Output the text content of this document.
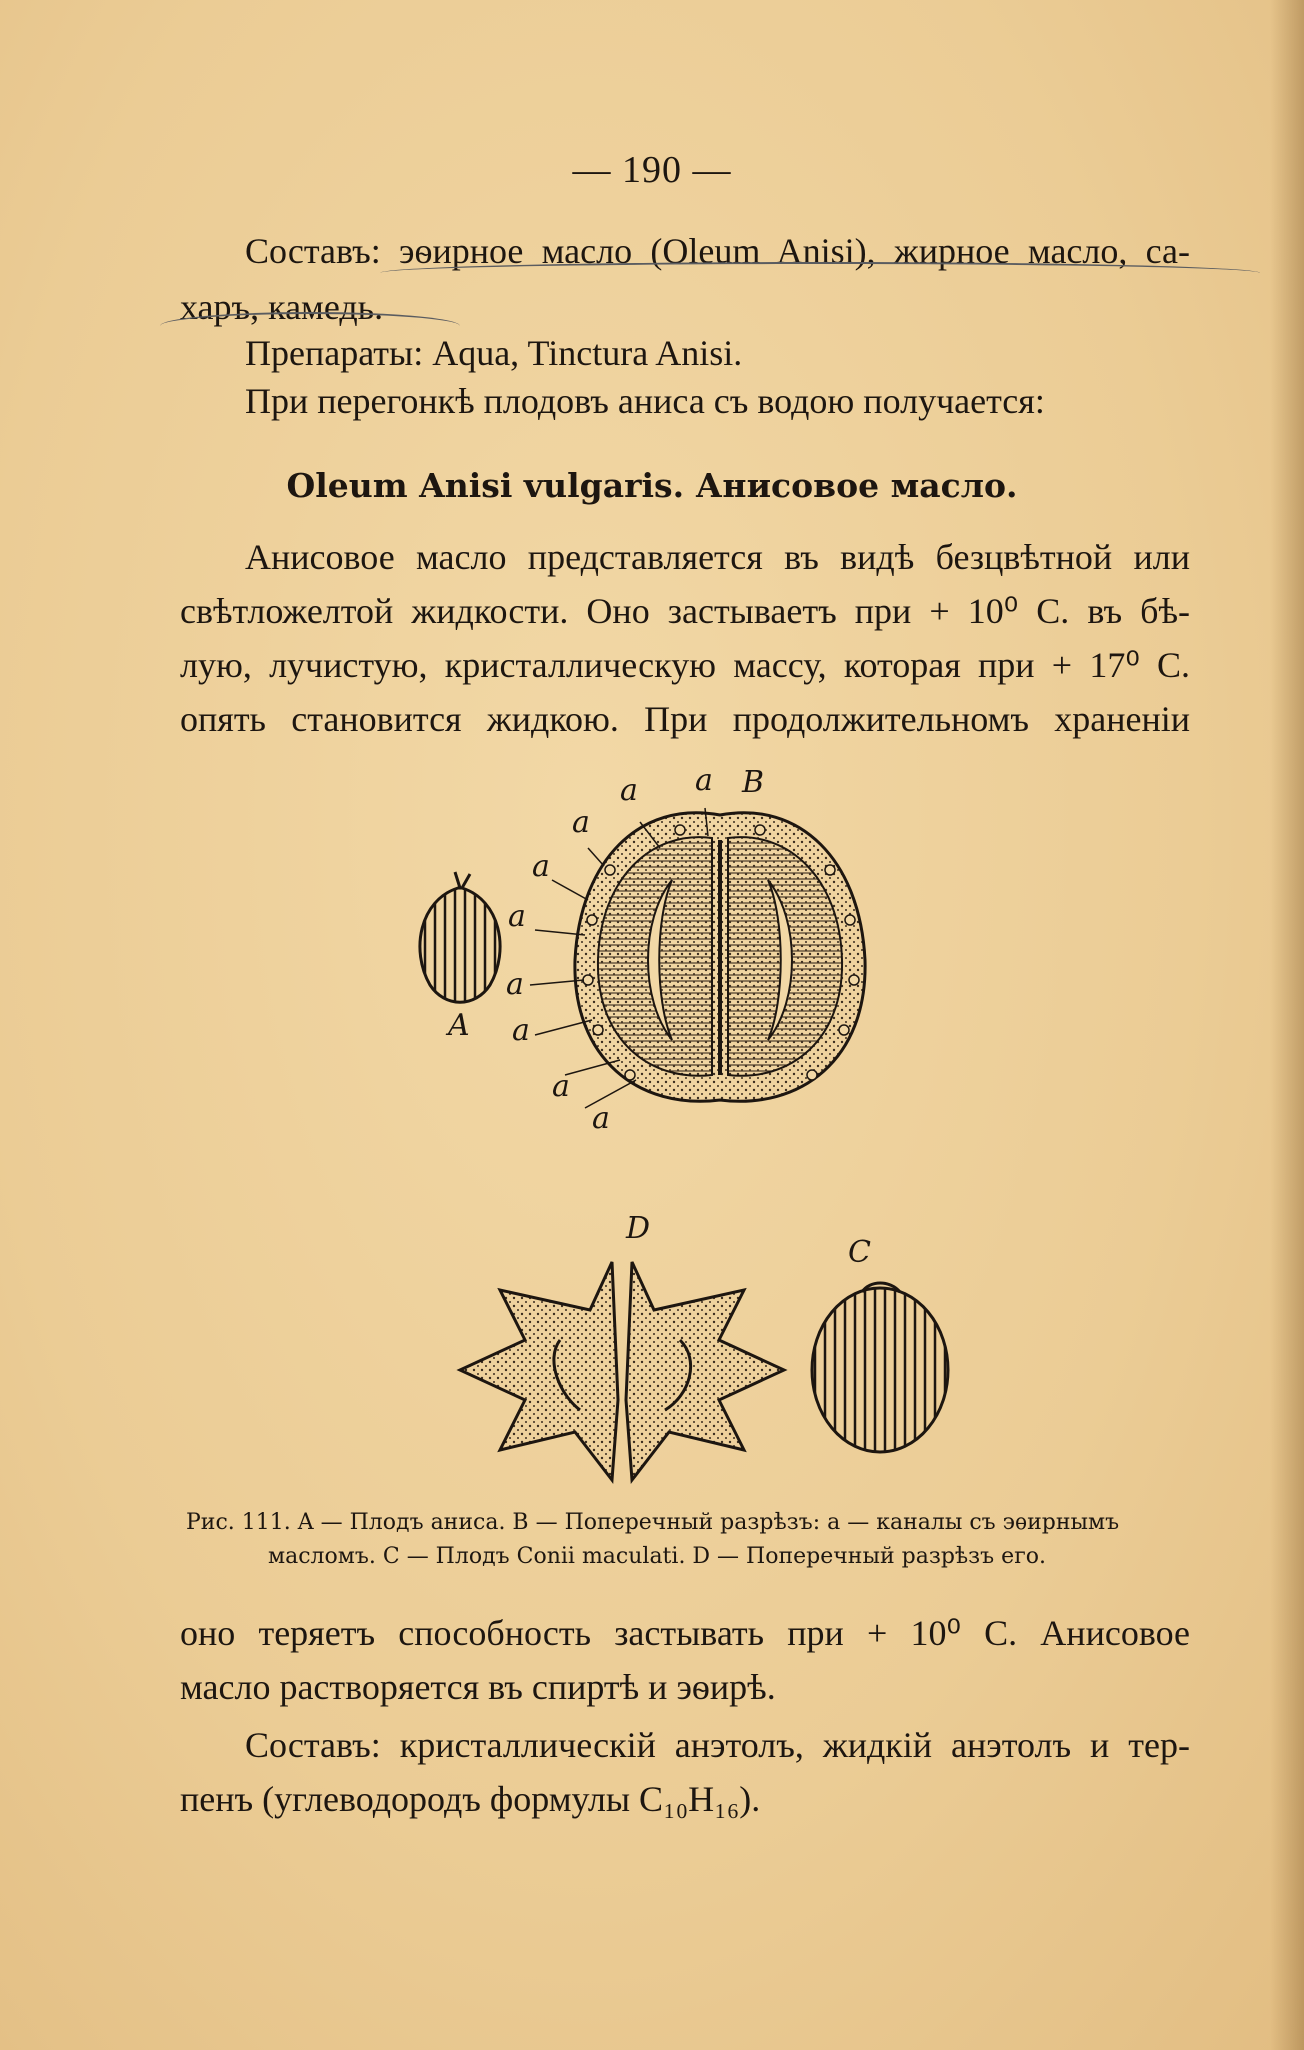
— 190 —
Составъ: эѳирное масло (Oleum Anisi), жирное масло, са-
харъ, камедь.
Препараты: Aqua, Tinctura Anisi.
При перегонкѣ плодовъ аниса съ водою получается:
Oleum Anisi vulgaris. Анисовое масло.
Анисовое масло представляется въ видѣ безцвѣтной или
свѣтложелтой жидкости. Оно застываетъ при + 10⁰ С. въ бѣ-
лую, лучистую, кристаллическую массу, которая при + 17⁰ С.
опять становится жидкою. При продолжительномъ храненіи
A
a a B
a
a
a
a
a
a
a
D
C
Рис. 111. A — Плодъ аниса. B — Поперечный разрѣзъ: a — каналы съ эѳирнымъ
масломъ. C — Плодъ Conii maculati. D — Поперечный разрѣзъ его.
оно теряетъ способность застывать при + 10⁰ С. Анисовое
масло растворяется въ спиртѣ и эѳирѣ.
Составъ: кристаллическій анэтолъ, жидкій анэтолъ и тер-
пенъ (углеводородъ формулы C₁₀H₁₆).
